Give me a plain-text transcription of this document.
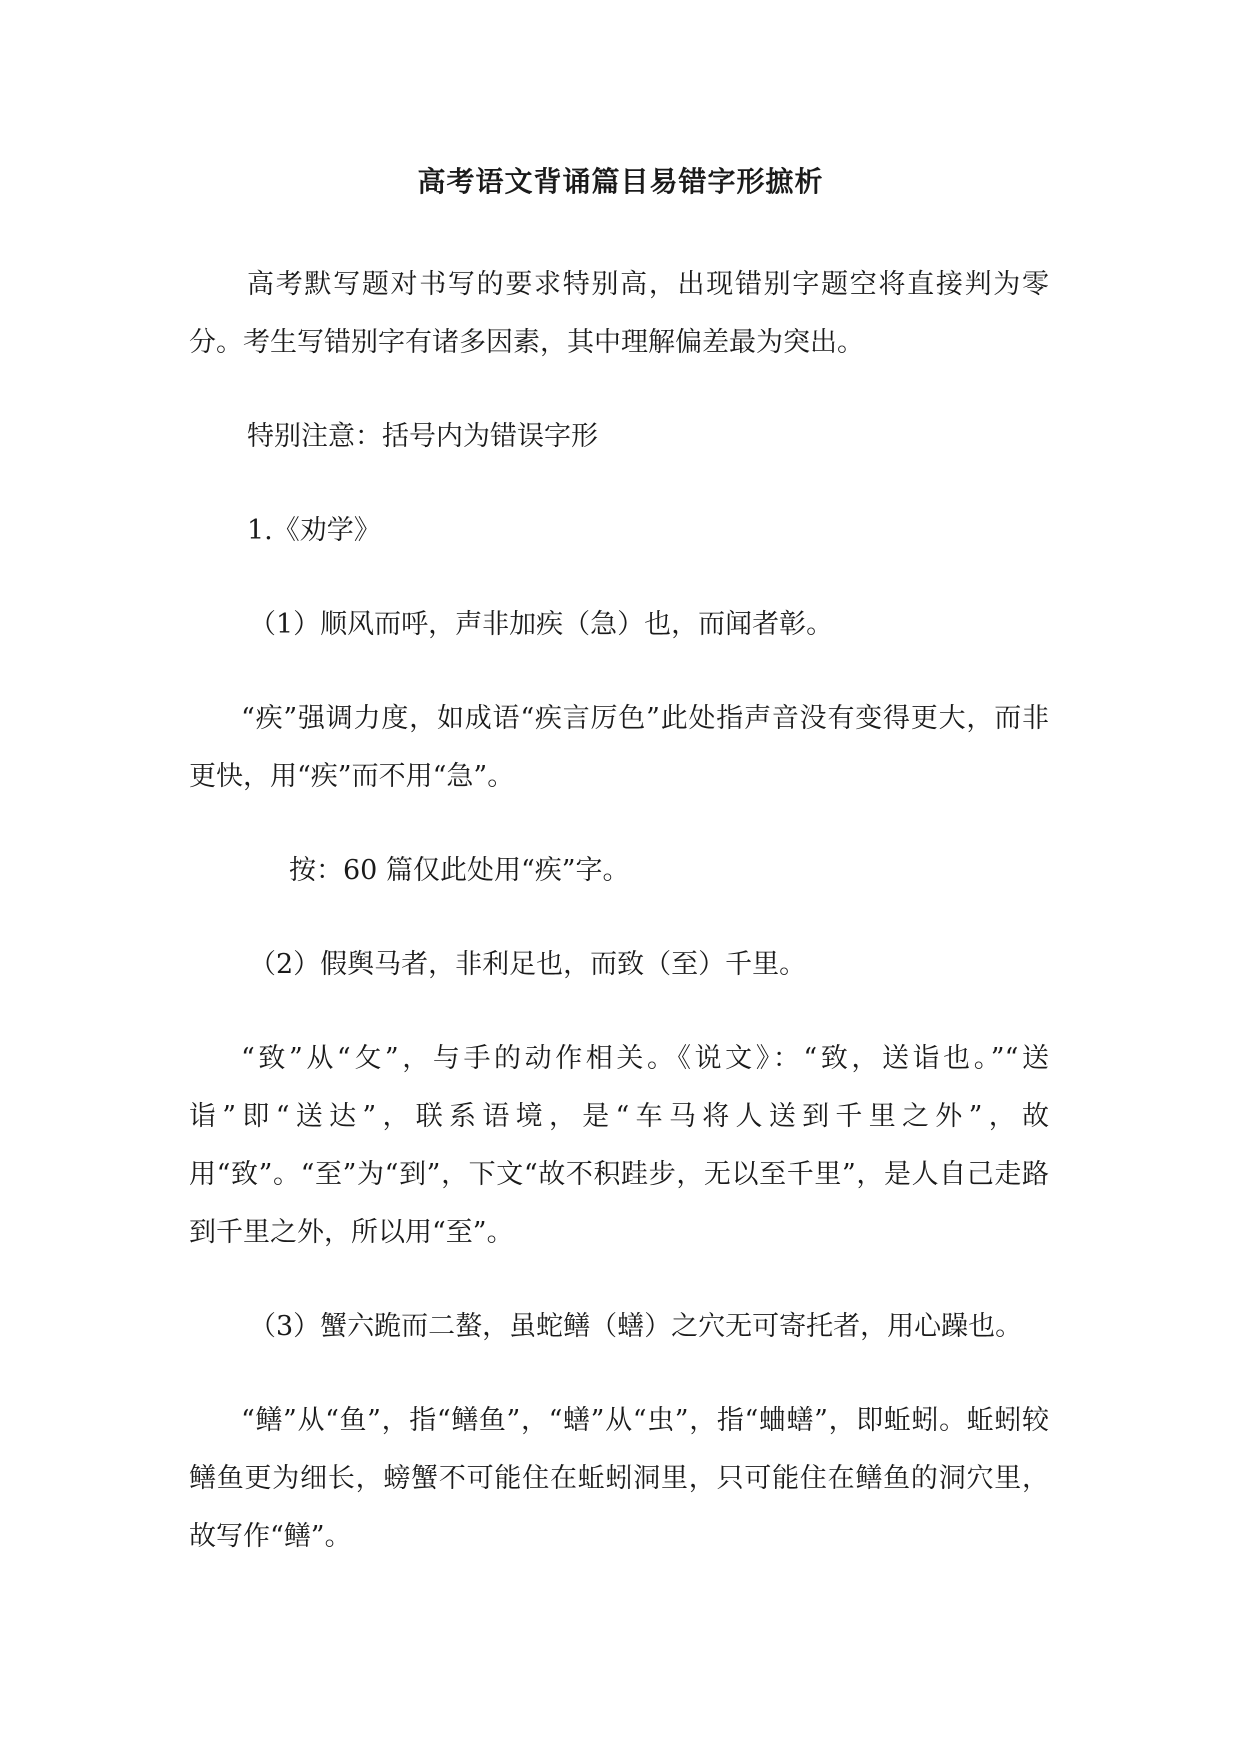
高考语文背诵篇目易错字形摭析

高考默写题对书写的要求特别高，出现错别字题空将直接判为零分。考生写错别字有诸多因素，其中理解偏差最为突出。

特别注意：括号内为错误字形

1.《劝学》

（1）顺风而呼，声非加疾（急）也，而闻者彰。

“疾”强调力度，如成语“疾言厉色”此处指声音没有变得更大，而非更快，用“疾”而不用“急”。

按：60 篇仅此处用“疾”字。

（2）假舆马者，非利足也，而致（至）千里。

“致”从“攵”，与手的动作相关。《说文》：“致，送诣也。”“送诣”即“送达”，联系语境，是“车马将人送到千里之外”，故用“致”。“至”为“到”，下文“故不积跬步，无以至千里”，是人自己走路到千里之外，所以用“至”。

（3）蟹六跪而二螯，虽蛇鳝（蟮）之穴无可寄托者，用心躁也。

“鳝”从“鱼”，指“鳝鱼”，“蟮”从“虫”，指“蛐蟮”，即蚯蚓。蚯蚓较鳝鱼更为细长，螃蟹不可能住在蚯蚓洞里，只可能住在鳝鱼的洞穴里，故写作“鳝”。
